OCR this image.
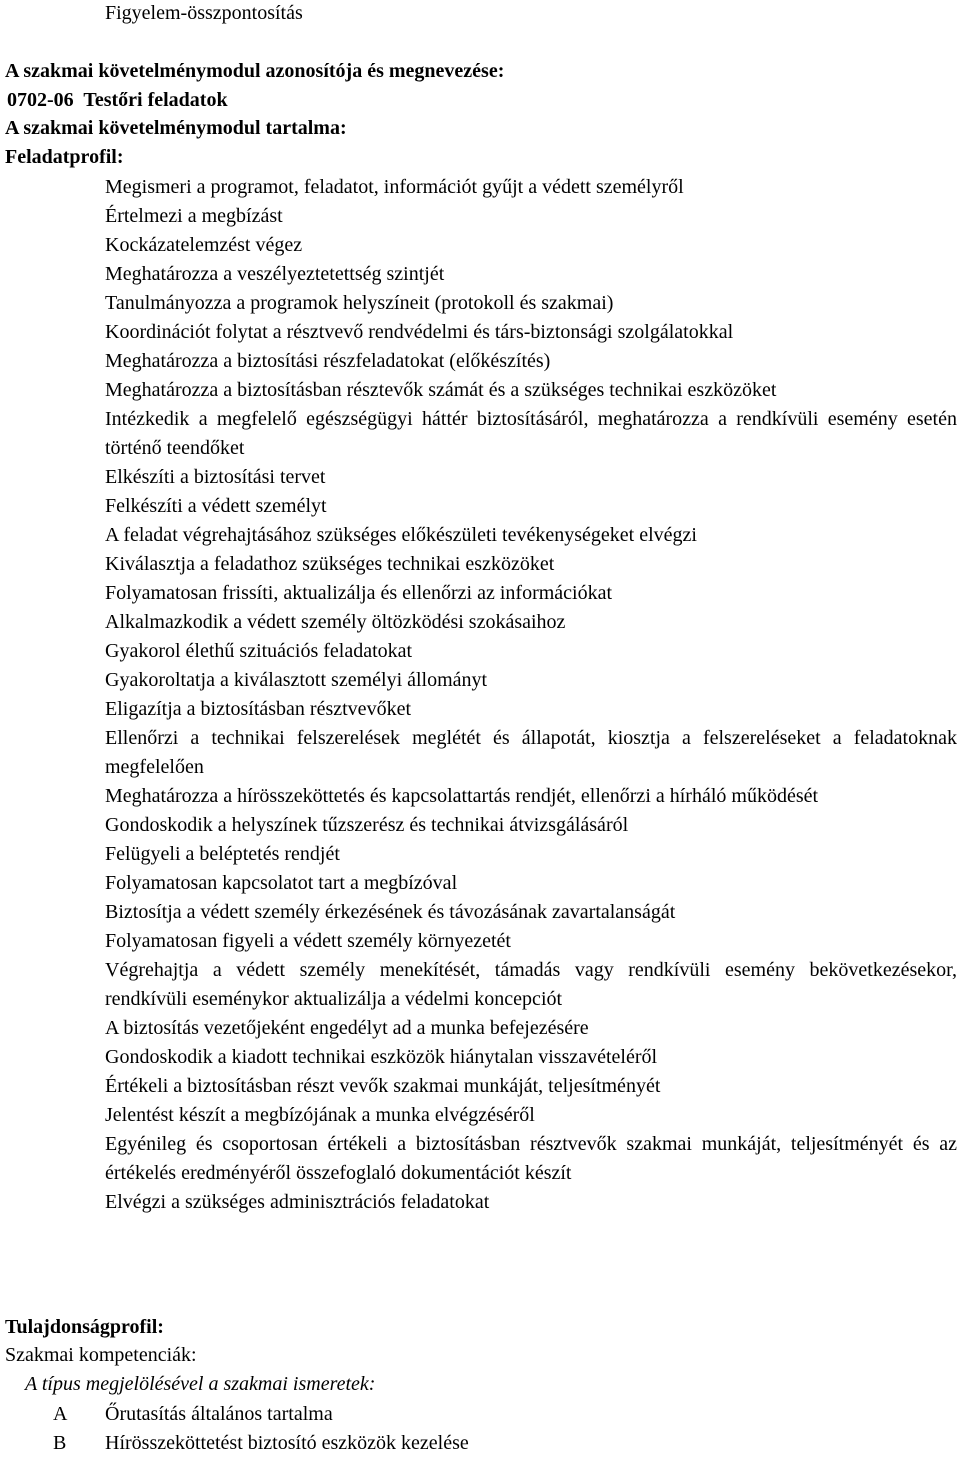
Figyelem-összpontosítás
A szakmai követelménymodul azonosítója és megnevezése:
0702-06 Testőri feladatok
A szakmai követelménymodul tartalma:
Feladatprofil:
Megismeri a programot, feladatot, információt gyűjt a védett személyről
Értelmezi a megbízást
Kockázatelemzést végez
Meghatározza a veszélyeztetettség szintjét
Tanulmányozza a programok helyszíneit (protokoll és szakmai)
Koordinációt folytat a résztvevő rendvédelmi és társ-biztonsági szolgálatokkal
Meghatározza a biztosítási részfeladatokat (előkészítés)
Meghatározza a biztosításban résztevők számát és a szükséges technikai eszközöket
Intézkedik a megfelelő egészségügyi háttér biztosításáról, meghatározza a rendkívüli esemény esetén történő teendőket
Elkészíti a biztosítási tervet
Felkészíti a védett személyt
A feladat végrehajtásához szükséges előkészületi tevékenységeket elvégzi
Kiválasztja a feladathoz szükséges technikai eszközöket
Folyamatosan frissíti, aktualizálja és ellenőrzi az információkat
Alkalmazkodik a védett személy öltözködési szokásaihoz
Gyakorol élethű szituációs feladatokat
Gyakoroltatja a kiválasztott személyi állományt
Eligazítja a biztosításban résztvevőket
Ellenőrzi a technikai felszerelések meglétét és állapotát, kiosztja a felszereléseket a feladatoknak megfelelően
Meghatározza a hírösszeköttetés és kapcsolattartás rendjét, ellenőrzi a hírháló működését
Gondoskodik a helyszínek tűzszerész és technikai átvizsgálásáról
Felügyeli a beléptetés rendjét
Folyamatosan kapcsolatot tart a megbízóval
Biztosítja a védett személy érkezésének és távozásának zavartalanságát
Folyamatosan figyeli a védett személy környezetét
Végrehajtja a védett személy menekítését, támadás vagy rendkívüli esemény bekövetkezésekor, rendkívüli eseménykor aktualizálja a védelmi koncepciót
A biztosítás vezetőjeként engedélyt ad a munka befejezésére
Gondoskodik a kiadott technikai eszközök hiánytalan visszavételéről
Értékeli a biztosításban részt vevők szakmai munkáját, teljesítményét
Jelentést készít a megbízójának a munka elvégzéséről
Egyénileg és csoportosan értékeli a biztosításban résztvevők szakmai munkáját, teljesítményét és az értékelés eredményéről összefoglaló dokumentációt készít
Elvégzi a szükséges adminisztrációs feladatokat
Tulajdonságprofil:
Szakmai kompetenciák:
A típus megjelölésével a szakmai ismeretek:
A Őrutasítás általános tartalma
B Hírösszeköttetést biztosító eszközök kezelése
